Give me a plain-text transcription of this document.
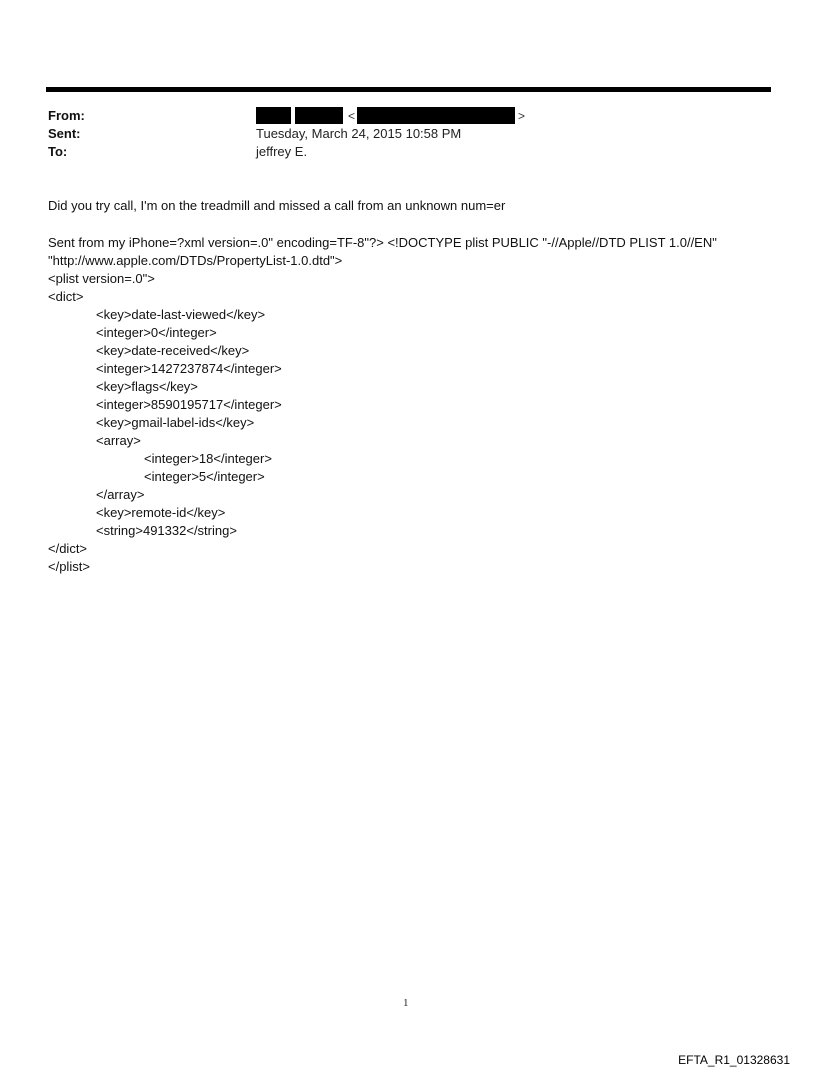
From:
Sent:
To:
<	>
Tuesday, March 24, 2015 10:58 PM
jeffrey E.
Did you try call, I'm on the treadmill and missed a call from an unknown num=er
Sent from my iPhone=?xml version=.0" encoding=TF-8"?> <!DOCTYPE plist PUBLIC "-//Apple//DTD PLIST 1.0//EN"
"http://www.apple.com/DTDs/PropertyList-1.0.dtd">
<plist version=.0">
<dict>
<key>date-last-viewed</key>
<integer>0</integer>
<key>date-received</key>
<integer>1427237874</integer>
<key>flags</key>
<integer>8590195717</integer>
<key>gmail-label-ids</key>
<array>
<integer>18</integer>
<integer>5</integer>
</array>
<key>remote-id</key>
<string>491332</string>
</dict>
</plist>
1
EFTA_R1_01328631
